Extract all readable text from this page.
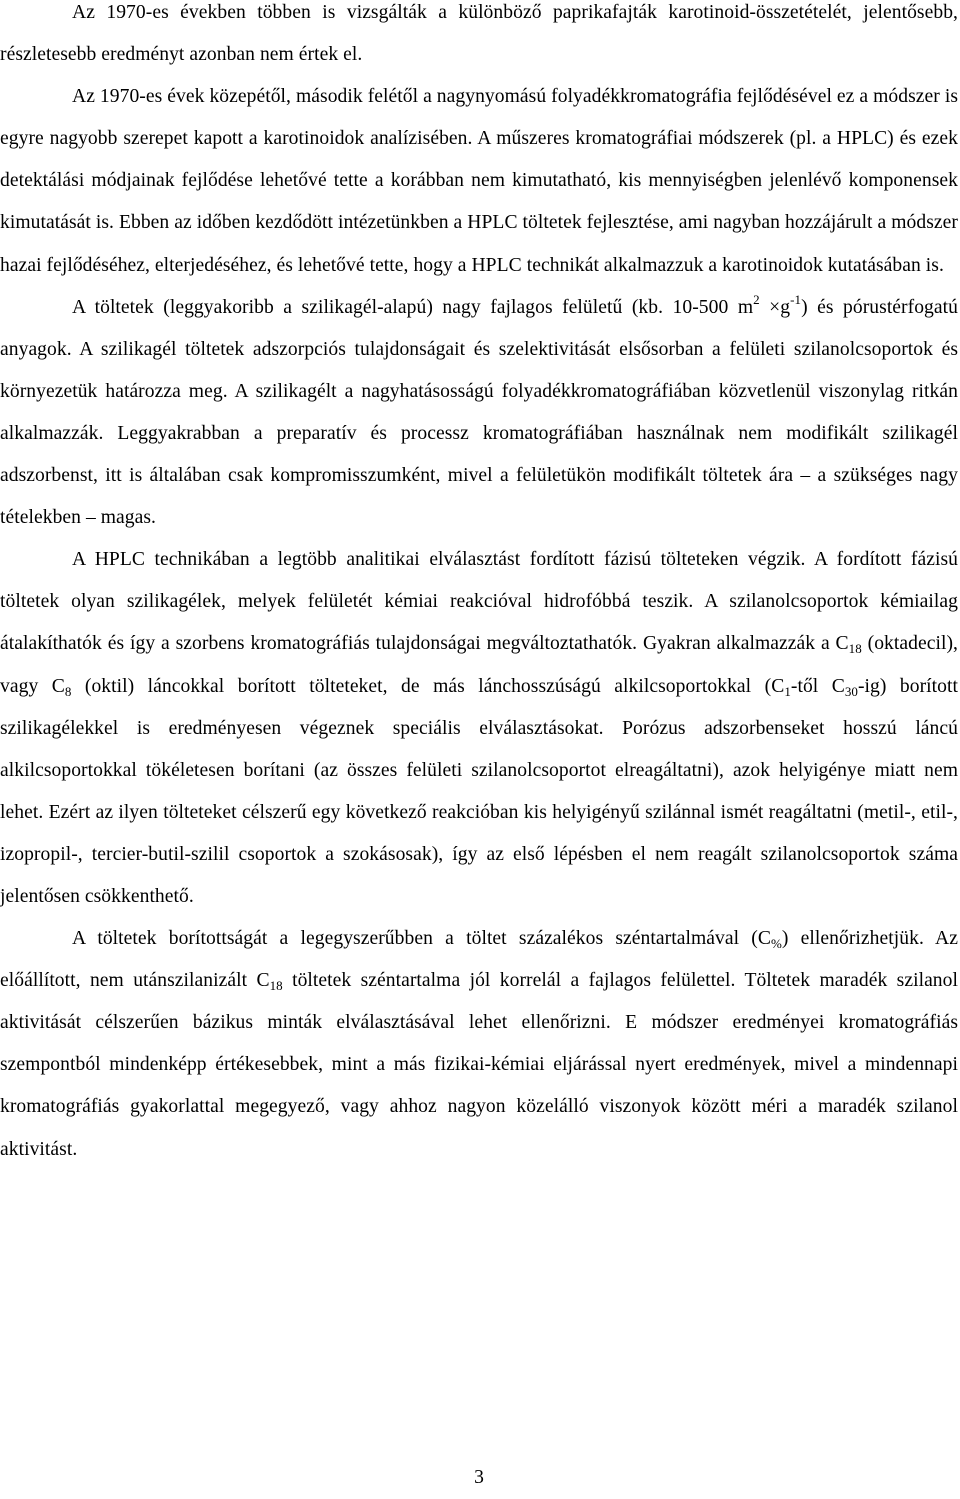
Az 1970-es években többen is vizsgálták a különböző paprikafajták karotinoid-összetételét, jelentősebb, részletesebb eredményt azonban nem értek el.

Az 1970-es évek közepétől, második felétől a nagynyomású folyadékkromatográfia fejlődésével ez a módszer is egyre nagyobb szerepet kapott a karotinoidok analízisében. A műszeres kromatográfiai módszerek (pl. a HPLC) és ezek detektálási módjainak fejlődése lehetővé tette a korábban nem kimutatható, kis mennyiségben jelenlévő komponensek kimutatását is. Ebben az időben kezdődött intézetünkben a HPLC töltetek fejlesztése, ami nagyban hozzájárult a módszer hazai fejlődéséhez, elterjedéséhez, és lehetővé tette, hogy a HPLC technikát alkalmazzuk a karotinoidok kutatásában is.

A töltetek (leggyakoribb a szilikagél-alapú) nagy fajlagos felületű (kb. 10-500 $m^2 \times g^{-1}$) és pórustérfogatú anyagok. A szilikagél töltetek adszorpciós tulajdonságait és szelektivitását elsősorban a felületi szilanolcsoportok és környezetük határozza meg. A szilikagélt a nagyhatásosságú folyadékkromatográfiában közvetlenül viszonylag ritkán alkalmazzák. Leggyakrabban a preparatív és processz kromatográfiában használnak nem modifikált szilikagél adszorbenst, itt is általában csak kompromisszumként, mivel a felületükön modifikált töltetek ára – a szükséges nagy tételekben – magas.

A HPLC technikában a legtöbb analitikai elválasztást fordított fázisú tölteteken végzik. A fordított fázisú töltetek olyan szilikagélek, melyek felületét kémiai reakcióval hidrofóbbá teszik. A szilanolcsoportok kémiailag átalakíthatók és így a szorbens kromatográfiás tulajdonságai megváltoztathatók. Gyakran alkalmazzák a $C_{18}$ (oktadecil), vagy $C_8$ (oktil) láncokkal borított tölteteket, de más lánchosszúságú alkilcsoportokkal ($C_1$-től $C_{30}-ig$) borított szilikagélekkel is eredményesen végeznek speciális elválasztásokat. Porózus adszorbenseket hosszú láncú alkilcsoportokkal tökéletesen borítani (az összes felületi szilanolcsoportot elreagáltatni), azok helyigénye miatt nem lehet. Ezért az ilyen tölteteket célszerű egy következő reakcióban kis helyigényű szilánnal ismét reagáltatni (metil-, etil-, izopropil-, tercier-butil-szilil csoportok a szokásosak), így az első lépésben el nem reagált szilanolcsoportok száma jelentősen csökkenthető.

A töltetek borítottságát a legegyszerűbben a töltet százalékos széntartalmával $(C_{\%})$ ellenőrizhetjük. Az előállított, nem utánszilanizált $C_{18}$ töltetek széntartalma jól korrelál a fajlagos felülettel. Töltetek maradék szilanol aktivitását célszerűen bázikus minták elválasztásával lehet ellenőrizni. E módszer eredményei kromatográfiás szempontból mindenképp értékesebbek, mint a más fizikai-kémiai eljárással nyert eredmények, mivel a mindennapi kromatográfiás gyakorlattal megegyező, vagy ahhoz nagyon közelálló viszonyok között méri a maradék szilanol aktivitást.

3
